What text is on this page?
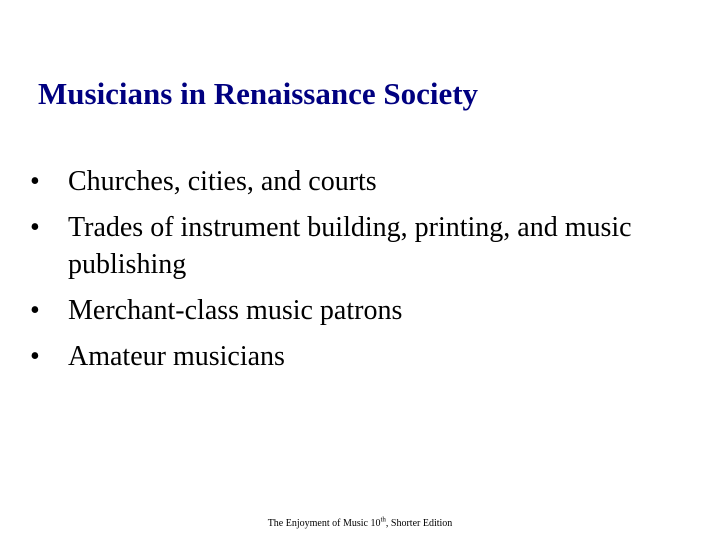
Musicians in Renaissance Society
•	Churches, cities, and courts
•	Trades of instrument building, printing, and music
publishing
•	Merchant-class music patrons
•	Amateur musicians
The Enjoyment of Music 10th, Shorter Edition
